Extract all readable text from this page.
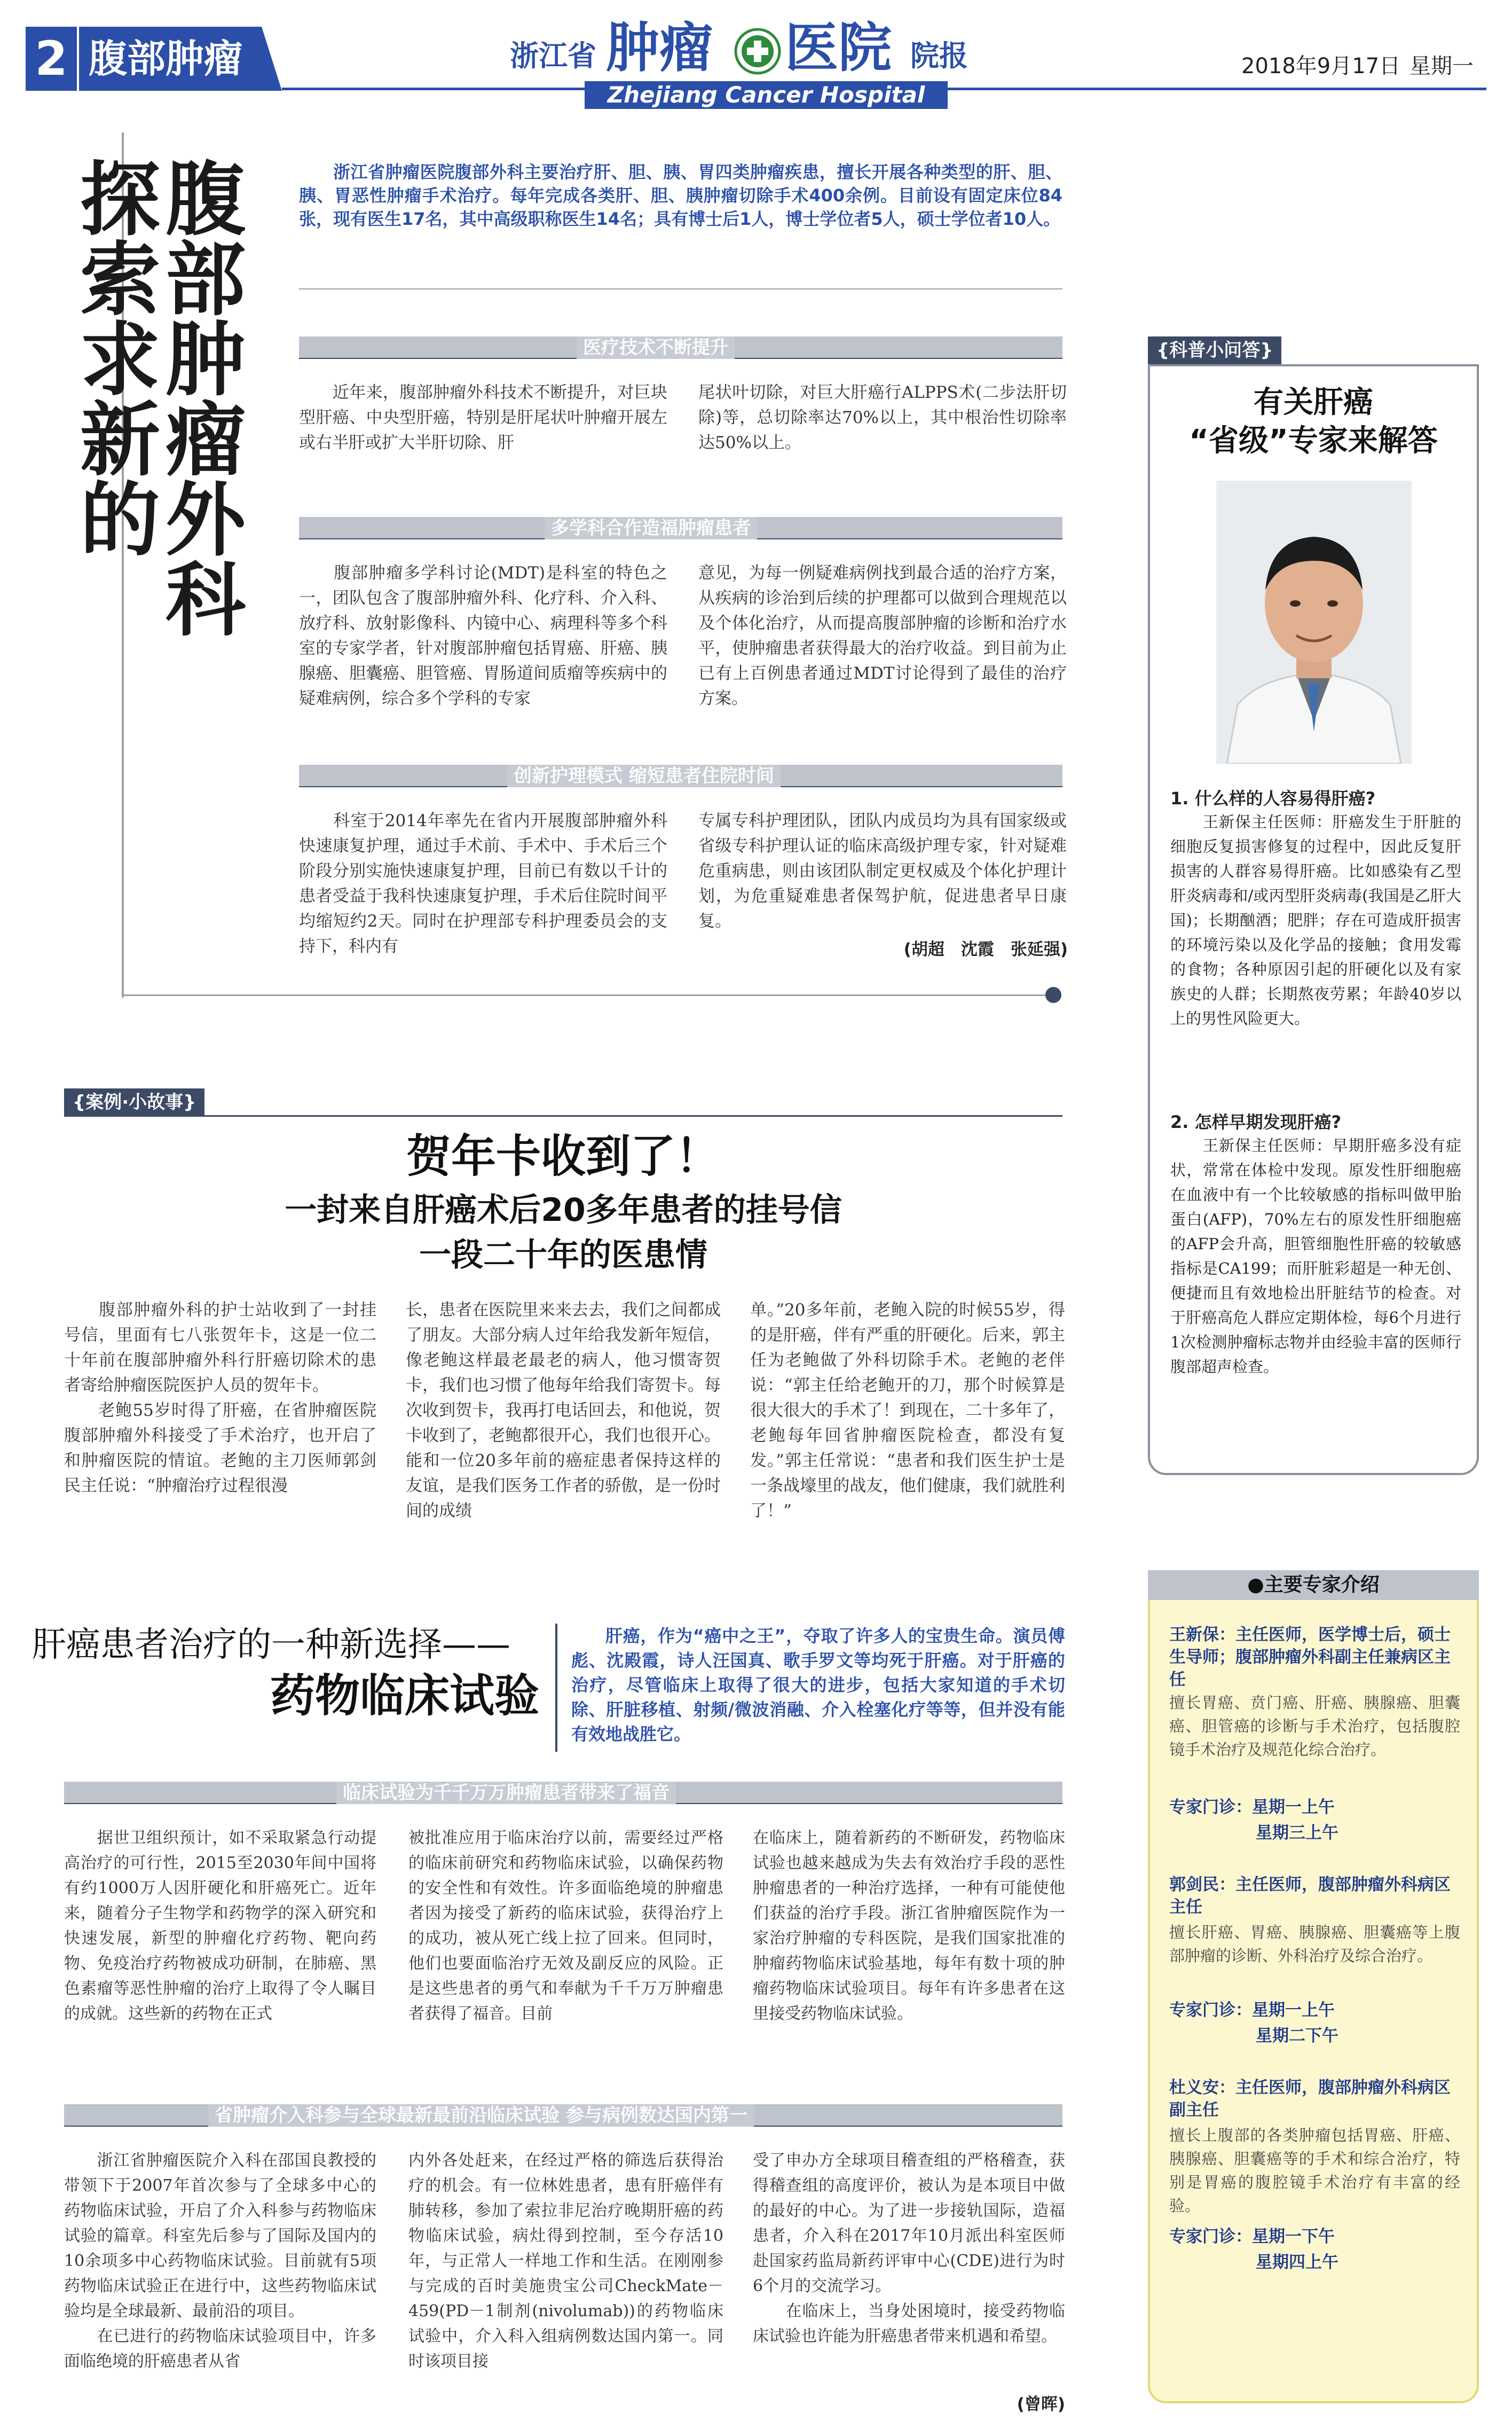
2 腹部肿瘤	浙江省 肿瘤 医院 院报
Zhejiang Cancer Hospital
2018年9月17日 星期一
探索求新的
腹部肿瘤外科
浙江省肿瘤医院腹部外科主要治疗肝、胆、胰、胃四类肿瘤疾患，擅长开展各种类型的肝、胆、胰、胃恶性肿瘤手术治疗。每年完成各类肝、胆、胰肿瘤切除手术400余例。目前设有固定床位84张，现有医生17名，其中高级职称医生14名；具有博士后1人，博士学位者5人，硕士学位者10人。
医疗技术不断提升
　　近年来，腹部肿瘤外科技术不断提升，对巨块型肝癌、中央型肝癌，特别是肝尾状叶肿瘤开展左或右半肝或扩大半肝切除、肝
尾状叶切除，对巨大肝癌行ALPPS术(二步法肝切除)等，总切除率达70%以上，其中根治性切除率达50%以上。
多学科合作造福肿瘤患者
　　腹部肿瘤多学科讨论(MDT)是科室的特色之一，团队包含了腹部肿瘤外科、化疗科、介入科、放疗科、放射影像科、内镜中心、病理科等多个科室的专家学者，针对腹部肿瘤包括胃癌、肝癌、胰腺癌、胆囊癌、胆管癌、胃肠道间质瘤等疾病中的疑难病例，综合多个学科的专家
意见，为每一例疑难病例找到最合适的治疗方案，从疾病的诊治到后续的护理都可以做到合理规范以及个体化治疗，从而提高腹部肿瘤的诊断和治疗水平，使肿瘤患者获得最大的治疗收益。到目前为止已有上百例患者通过MDT讨论得到了最佳的治疗方案。
创新护理模式 缩短患者住院时间
　　科室于2014年率先在省内开展腹部肿瘤外科快速康复护理，通过手术前、手术中、手术后三个阶段分别实施快速康复护理，目前已有数以千计的患者受益于我科快速康复护理，手术后住院时间平均缩短约2天。同时在护理部专科护理委员会的支持下，科内有
专属专科护理团队，团队内成员均为具有国家级或省级专科护理认证的临床高级护理专家，针对疑难危重病患，则由该团队制定更权威及个体化护理计划，为危重疑难患者保驾护航，促进患者早日康复。
(胡超　沈霞　张延强)
{案例·小故事}
贺年卡收到了！
一封来自肝癌术后20多年患者的挂号信
一段二十年的医患情
　　腹部肿瘤外科的护士站收到了一封挂号信，里面有七八张贺年卡，这是一位二十年前在腹部肿瘤外科行肝癌切除术的患者寄给肿瘤医院医护人员的贺年卡。
　　老鲍55岁时得了肝癌，在省肿瘤医院腹部肿瘤外科接受了手术治疗，也开启了和肿瘤医院的情谊。老鲍的主刀医师郭剑民主任说：“肿瘤治疗过程很漫
长，患者在医院里来来去去，我们之间都成了朋友。大部分病人过年给我发新年短信，像老鲍这样最老最老的病人，他习惯寄贺卡，我们也习惯了他每年给我们寄贺卡。每次收到贺卡，我再打电话回去，和他说，贺卡收到了，老鲍都很开心，我们也很开心。能和一位20多年前的癌症患者保持这样的友谊，是我们医务工作者的骄傲，是一份时间的成绩
单。”20多年前，老鲍入院的时候55岁，得的是肝癌，伴有严重的肝硬化。后来，郭主任为老鲍做了外科切除手术。老鲍的老伴说：“郭主任给老鲍开的刀，那个时候算是很大很大的手术了！到现在，二十多年了，老鲍每年回省肿瘤医院检查，都没有复发。”郭主任常说：“患者和我们医生护士是一条战壕里的战友，他们健康，我们就胜利了！”
肝癌患者治疗的一种新选择——
药物临床试验
肝癌，作为“癌中之王”，夺取了许多人的宝贵生命。演员傅彪、沈殿霞，诗人汪国真、歌手罗文等均死于肝癌。对于肝癌的治疗，尽管临床上取得了很大的进步，包括大家知道的手术切除、肝脏移植、射频/微波消融、介入栓塞化疗等等，但并没有能有效地战胜它。
临床试验为千千万万肿瘤患者带来了福音
　　据世卫组织预计，如不采取紧急行动提高治疗的可行性，2015至2030年间中国将有约1000万人因肝硬化和肝癌死亡。近年来，随着分子生物学和药物学的深入研究和快速发展，新型的肿瘤化疗药物、靶向药物、免疫治疗药物被成功研制，在肺癌、黑色素瘤等恶性肿瘤的治疗上取得了令人瞩目的成就。这些新的药物在正式
被批准应用于临床治疗以前，需要经过严格的临床前研究和药物临床试验，以确保药物的安全性和有效性。许多面临绝境的肿瘤患者因为接受了新药的临床试验，获得治疗上的成功，被从死亡线上拉了回来。但同时，他们也要面临治疗无效及副反应的风险。正是这些患者的勇气和奉献为千千万万肿瘤患者获得了福音。目前
在临床上，随着新药的不断研发，药物临床试验也越来越成为失去有效治疗手段的恶性肿瘤患者的一种治疗选择，一种有可能使他们获益的治疗手段。浙江省肿瘤医院作为一家治疗肿瘤的专科医院，是我们国家批准的肿瘤药物临床试验基地，每年有数十项的肿瘤药物临床试验项目。每年有许多患者在这里接受药物临床试验。
省肿瘤介入科参与全球最新最前沿临床试验 参与病例数达国内第一
　　浙江省肿瘤医院介入科在邵国良教授的带领下于2007年首次参与了全球多中心的药物临床试验，开启了介入科参与药物临床试验的篇章。科室先后参与了国际及国内的10余项多中心药物临床试验。目前就有5项药物临床试验正在进行中，这些药物临床试验均是全球最新、最前沿的项目。
　　在已进行的药物临床试验项目中，许多面临绝境的肝癌患者从省
内外各处赶来，在经过严格的筛选后获得治疗的机会。有一位林姓患者，患有肝癌伴有肺转移，参加了索拉非尼治疗晚期肝癌的药物临床试验，病灶得到控制，至今存活10年，与正常人一样地工作和生活。在刚刚参与完成的百时美施贵宝公司CheckMate－459(PD－1制剂(nivolumab))的药物临床试验中，介入科入组病例数达国内第一。同时该项目接
受了申办方全球项目稽查组的严格稽查，获得稽查组的高度评价，被认为是本项目中做的最好的中心。为了进一步接轨国际，造福患者，介入科在2017年10月派出科室医师赴国家药监局新药评审中心(CDE)进行为时6个月的交流学习。
　　在临床上，当身处困境时，接受药物临床试验也许能为肝癌患者带来机遇和希望。
(曾晖)
{科普小问答}
有关肝癌
“省级”专家来解答
1. 什么样的人容易得肝癌?
　　王新保主任医师：肝癌发生于肝脏的细胞反复损害修复的过程中，因此反复肝损害的人群容易得肝癌。比如感染有乙型肝炎病毒和/或丙型肝炎病毒(我国是乙肝大国)；长期酗酒；肥胖；存在可造成肝损害的环境污染以及化学品的接触；食用发霉的食物；各种原因引起的肝硬化以及有家族史的人群；长期熬夜劳累；年龄40岁以上的男性风险更大。
2. 怎样早期发现肝癌?
　　王新保主任医师：早期肝癌多没有症状，常常在体检中发现。原发性肝细胞癌在血液中有一个比较敏感的指标叫做甲胎蛋白(AFP)，70%左右的原发性肝细胞癌的AFP会升高，胆管细胞性肝癌的较敏感指标是CA199；而肝脏彩超是一种无创、便捷而且有效地检出肝脏结节的检查。对于肝癌高危人群应定期体检，每6个月进行1次检测肿瘤标志物并由经验丰富的医师行腹部超声检查。
●主要专家介绍
王新保：主任医师，医学博士后，硕士生导师；腹部肿瘤外科副主任兼病区主任
擅长胃癌、贲门癌、肝癌、胰腺癌、胆囊癌、胆管癌的诊断与手术治疗，包括腹腔镜手术治疗及规范化综合治疗。
专家门诊：星期一上午
星期三上午
郭剑民：主任医师，腹部肿瘤外科病区主任
擅长肝癌、胃癌、胰腺癌、胆囊癌等上腹部肿瘤的诊断、外科治疗及综合治疗。
专家门诊：星期一上午
星期二下午
杜义安：主任医师，腹部肿瘤外科病区副主任
擅长上腹部的各类肿瘤包括胃癌、肝癌、胰腺癌、胆囊癌等的手术和综合治疗，特别是胃癌的腹腔镜手术治疗有丰富的经验。
专家门诊：星期一下午
星期四上午
